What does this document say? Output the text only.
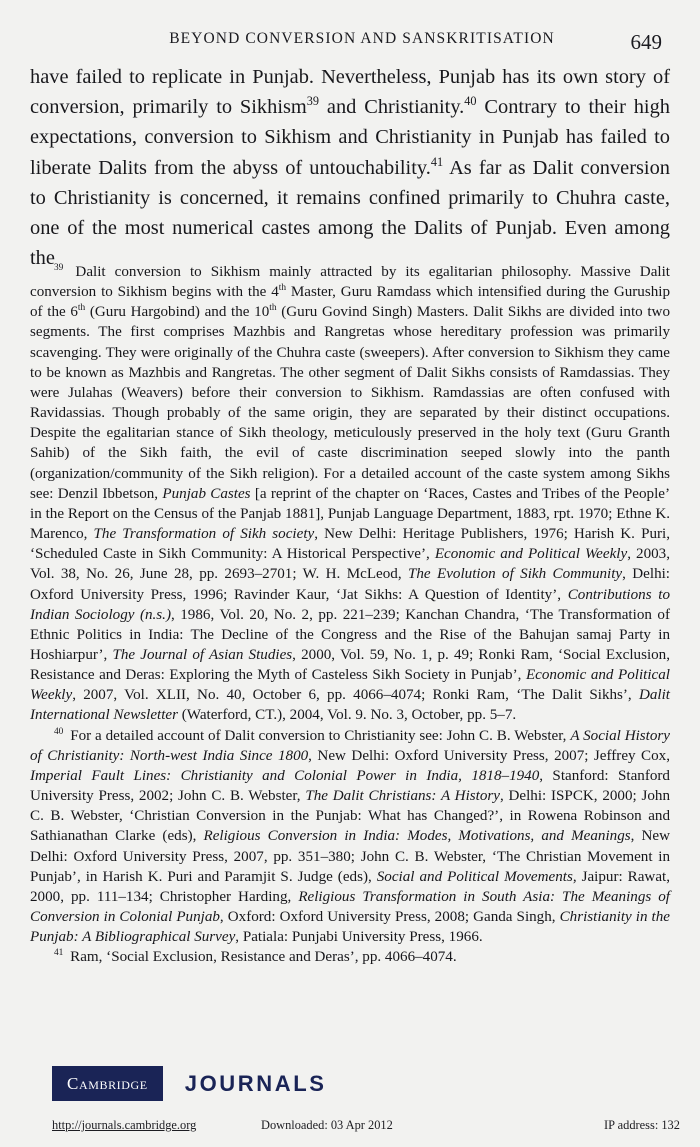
BEYOND CONVERSION AND SANSKRITISATION	649

have failed to replicate in Punjab. Nevertheless, Punjab has its own story of conversion, primarily to Sikhism$^{39}$ and Christianity.$^{40}$ Contrary to their high expectations, conversion to Sikhism and Christianity in Punjab has failed to liberate Dalits from the abyss of untouchability.$^{41}$ As far as Dalit conversion to Christianity is concerned, it remains confined primarily to Chuhra caste, one of the most numerical castes among the Dalits of Punjab. Even among the $^{39}$ Dalit conversion to Sikhism mainly attracted by its egalitarian philosophy. Massive Dalit conversion to Sikhism begins with the 4th Master, Guru Ramdass which intensified during the Guruship of the 6th (Guru Hargobind) and the 10th (Guru Govind Singh) Masters. Dalit Sikhs are divided into two segments. The first comprises Mazhbis and Rangretas whose hereditary profession was primarily scavenging. They were originally of the Chuhra caste (sweepers). After conversion to Sikhism they came to be known as Mazhbis and Rangretas. The other segment of Dalit Sikhs consists of Ramdassias. They were Julahas (Weavers) before their conversion to Sikhism. Ramdassias are often confused with Ravidassias. Though probably of the same origin, they are separated by their distinct occupations. Despite the egalitarian stance of Sikh theology, meticulously preserved in the holy text (Guru Granth Sahib) of the Sikh faith, the evil of caste discrimination seeped slowly into the panth (organization/community of the Sikh religion). For a detailed account of the caste system among Sikhs see: Denzil Ibbetson, Punjab Castes [a reprint of the chapter on ‘Races, Castes and Tribes of the People’ in the Report on the Census of the Panjab 1881], Punjab Language Department, 1883, rpt. 1970; Ethne K. Marenco, The Transformation of Sikh society, New Delhi: Heritage Publishers, 1976; Harish K. Puri, ‘Scheduled Caste in Sikh Community: A Historical Perspective’, Economic and Political Weekly, 2003, Vol. 38, No. 26, June 28, pp. 2693–2701; W. H. McLeod, The Evolution of Sikh Community, Delhi: Oxford University Press, 1996; Ravinder Kaur, ‘Jat Sikhs: A Question of Identity’, Contributions to Indian Sociology (n.s.), 1986, Vol. 20, No. 2, pp. 221–239; Kanchan Chandra, ‘The Transformation of Ethnic Politics in India: The Decline of the Congress and the Rise of the Bahujan samaj Party in Hoshiarpur’, The Journal of Asian Studies, 2000, Vol. 59, No. 1, p. 49; Ronki Ram, ‘Social Exclusion, Resistance and Deras: Exploring the Myth of Casteless Sikh Society in Punjab’, Economic and Political Weekly, 2007, Vol. XLII, No. 40, October 6, pp. 4066–4074; Ronki Ram, ‘The Dalit Sikhs’, Dalit International Newsletter (Waterford, CT.), 2004, Vol. 9. No. 3, October, pp. 5–7.

$^{40}$ For a detailed account of Dalit conversion to Christianity see: John C. B. Webster, A Social History of Christianity: North-west India Since 1800, New Delhi: Oxford University Press, 2007; Jeffrey Cox, Imperial Fault Lines: Christianity and Colonial Power in India, 1818–1940, Stanford: Stanford University Press, 2002; John C. B. Webster, The Dalit Christians: A History, Delhi: ISPCK, 2000; John C. B. Webster, ‘Christian Conversion in the Punjab: What has Changed?’, in Rowena Robinson and Sathianathan Clarke (eds), Religious Conversion in India: Modes, Motivations, and Meanings, New Delhi: Oxford University Press, 2007, pp. 351–380; John C. B. Webster, ‘The Christian Movement in Punjab’, in Harish K. Puri and Paramjit S. Judge (eds), Social and Political Movements, Jaipur: Rawat, 2000, pp. 111–134; Christopher Harding, Religious Transformation in South Asia: The Meanings of Conversion in Colonial Punjab, Oxford: Oxford University Press, 2008; Ganda Singh, Christianity in the Punjab: A Bibliographical Survey, Patiala: Punjabi University Press, 1966.

$^{41}$ Ram, ‘Social Exclusion, Resistance and Deras’, pp. 4066–4074.

Cambridge	JOURNALS
http://journals.cambridge.org	Downloaded: 03 Apr 2012	IP address: 132
